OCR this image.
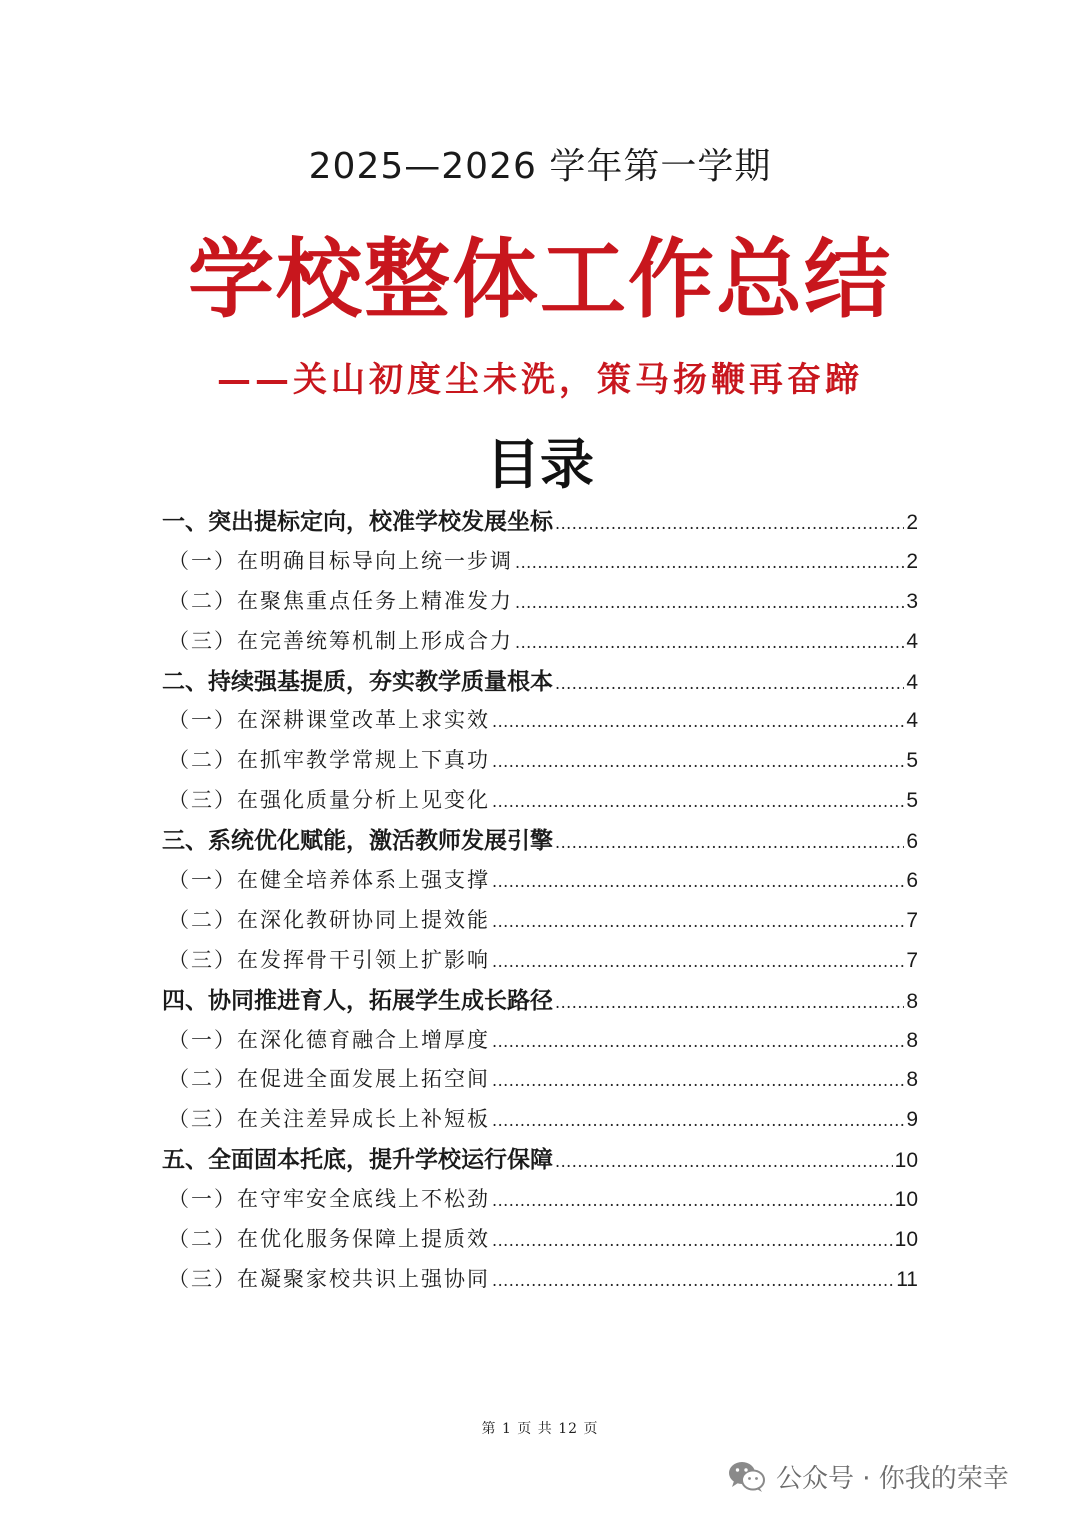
2025—2026 学年第一学期
学校整体工作总结
——关山初度尘未洗，策马扬鞭再奋蹄
目录
一、突出提标定向，校准学校发展坐标 .....	2
（一）在明确目标导向上统一步调 .....	2
（二）在聚焦重点任务上精准发力 .....	3
（三）在完善统筹机制上形成合力 .....	4
二、持续强基提质，夯实教学质量根本 .....	4
（一）在深耕课堂改革上求实效 .....	4
（二）在抓牢教学常规上下真功 .....	5
（三）在强化质量分析上见变化 .....	5
三、系统优化赋能，激活教师发展引擎 .....	6
（一）在健全培养体系上强支撑 .....	6
（二）在深化教研协同上提效能 .....	7
（三）在发挥骨干引领上扩影响 .....	7
四、协同推进育人，拓展学生成长路径 .....	8
（一）在深化德育融合上增厚度 .....	8
（二）在促进全面发展上拓空间 .....	8
（三）在关注差异成长上补短板 .....	9
五、全面固本托底，提升学校运行保障 .....	10
（一）在守牢安全底线上不松劲 .....	10
（二）在优化服务保障上提质效 .....	10
（三）在凝聚家校共识上强协同 .....	11
第 1 页 共 12 页
公众号 · 你我的荣幸
